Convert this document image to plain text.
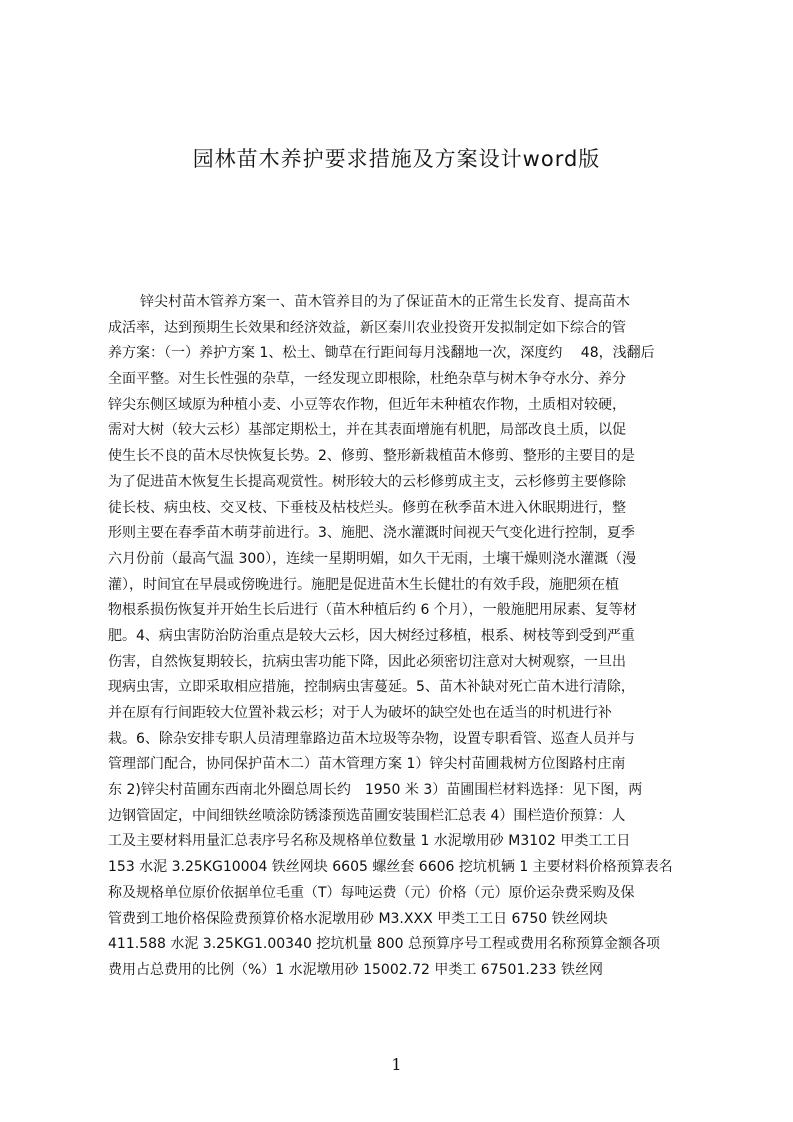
园林苗木养护要求措施及方案设计word版
锌尖村苗木管养方案一、苗木管养目的为了保证苗木的正常生长发育、提高苗木
成活率，达到预期生长效果和经济效益，新区秦川农业投资开发拟制定如下综合的管
养方案：（一）养护方案 1、松土、锄草在行距间每月浅翻地一次，深度约　 48，浅翻后
全面平整。对生长性强的杂草，一经发现立即根除，杜绝杂草与树木争夺水分、养分
锌尖东侧区域原为种植小麦、小豆等农作物，但近年未种植农作物，土质相对较硬，
需对大树（较大云杉）基部定期松土，并在其表面增施有机肥，局部改良土质，以促
使生长不良的苗木尽快恢复长势。2、修剪、整形新栽植苗木修剪、整形的主要目的是
为了促进苗木恢复生长提高观赏性。树形较大的云杉修剪成主支，云杉修剪主要修除
徒长枝、病虫枝、交叉枝、下垂枝及枯枝烂头。修剪在秋季苗木进入休眠期进行，整
形则主要在春季苗木萌芽前进行。3、施肥、浇水灌溉时间视天气变化进行控制，夏季
六月份前（最高气温 300），连续一星期明媚，如久干无雨，土壤干燥则浇水灌溉（漫
灌），时间宜在早晨或傍晚进行。施肥是促进苗木生长健壮的有效手段，施肥须在植
物根系损伤恢复并开始生长后进行（苗木种植后约 6 个月），一般施肥用尿素、复等材
肥。4、病虫害防治防治重点是较大云杉，因大树经过移植，根系、树枝等到受到严重
伤害，自然恢复期较长，抗病虫害功能下降，因此必须密切注意对大树观察，一旦出
现病虫害，立即采取相应措施，控制病虫害蔓延。5、苗木补缺对死亡苗木进行清除，
并在原有行间距较大位置补栽云杉；对于人为破坏的缺空处也在适当的时机进行补
栽。6、除杂安排专职人员清理靠路边苗木垃圾等杂物，设置专职看管、巡查人员并与
管理部门配合，协同保护苗木二）苗木管理方案 1）锌尖村苗圃栽树方位图路村庄南
东 2)锌尖村苗圃东西南北外圈总周长约　1950 米 3）苗圃围栏材料选择：见下图，两
边钢管固定，中间细铁丝喷涂防锈漆预选苗圃安装围栏汇总表 4）围栏造价预算：人
工及主要材料用量汇总表序号名称及规格单位数量 1 水泥墩用砂 M3102 甲类工工日
153 水泥 3.25KG10004 铁丝网块 6605 螺丝套 6606 挖坑机辆 1 主要材料价格预算表名
称及规格单位原价依据单位毛重（T）每吨运费（元）价格（元）原价运杂费采购及保
管费到工地价格保险费预算价格水泥墩用砂 M3.XXX 甲类工工日 6750 铁丝网块
411.588 水泥 3.25KG1.00340 挖坑机量 800 总预算序号工程或费用名称预算金额各项
费用占总费用的比例（%）1 水泥墩用砂 15002.72 甲类工 67501.233 铁丝网
1
